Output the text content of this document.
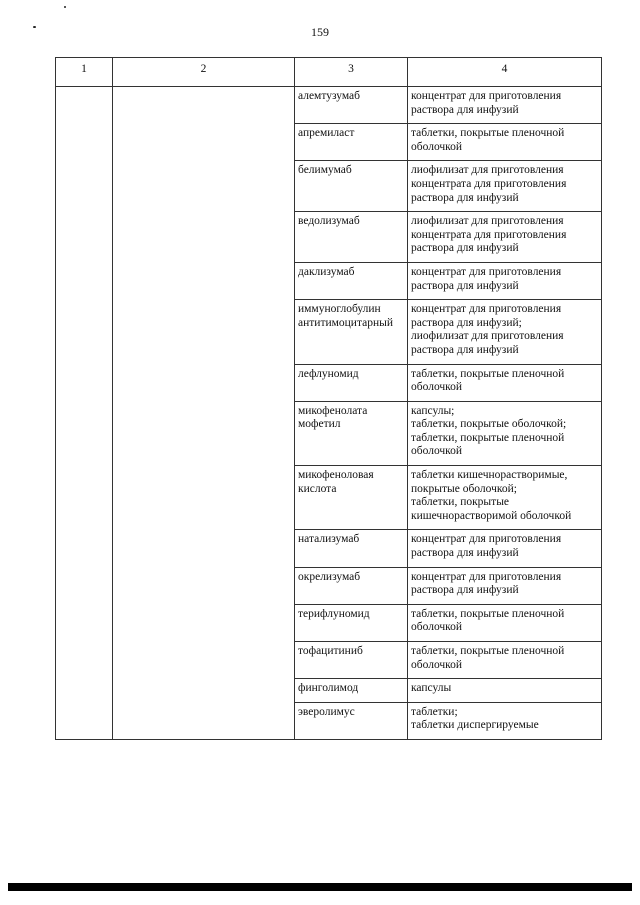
159
1	2	3	4
		алемтузумаб	концентрат для приготовления раствора для инфузий

		апремиласт	таблетки, покрытые пленочной оболочкой

		белимумаб	лиофилизат для приготовления концентрата для приготовления раствора для инфузий

		ведолизумаб	лиофилизат для приготовления концентрата для приготовления раствора для инфузий

		даклизумаб	концентрат для приготовления раствора для инфузий

		иммуноглобулин антитимоцитарный	концентрат для приготовления раствора для инфузий;
лиофилизат для приготовления раствора для инфузий

		лефлуномид	таблетки, покрытые пленочной оболочкой

		микофенолата мофетил	капсулы;
таблетки, покрытые оболочкой;
таблетки, покрытые пленочной оболочкой

		микофеноловая кислота	таблетки кишечнорастворимые, покрытые оболочкой;
таблетки, покрытые кишечнорастворимой оболочкой

		натализумаб	концентрат для приготовления раствора для инфузий

		окрелизумаб	концентрат для приготовления раствора для инфузий

		терифлуномид	таблетки, покрытые пленочной оболочкой

		тофацитиниб	таблетки, покрытые пленочной оболочкой

		финголимод	капсулы

		эверолимус	таблетки;
таблетки диспергируемые
